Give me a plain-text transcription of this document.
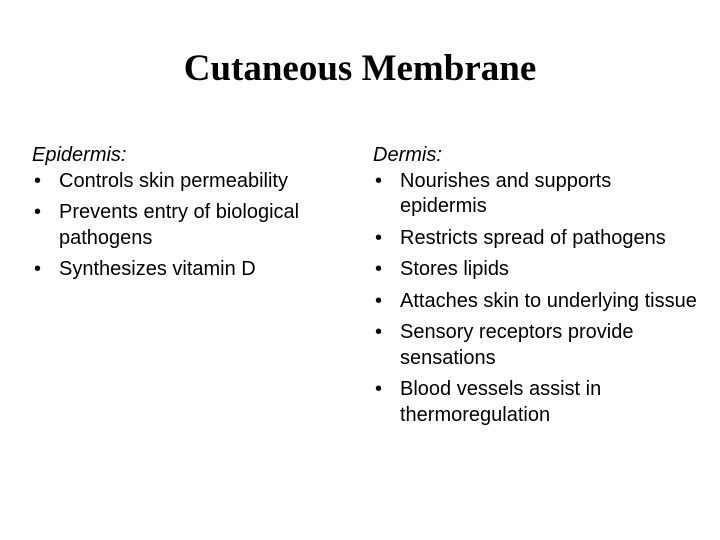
Cutaneous Membrane

Epidermis:

• Controls skin permeability
• Prevents entry of biological pathogens
• Synthesizes vitamin D

Dermis:

• Nourishes and supports epidermis
• Restricts spread of pathogens
• Stores lipids
• Attaches skin to underlying tissue
• Sensory receptors provide sensations
• Blood vessels assist in thermoregulation
